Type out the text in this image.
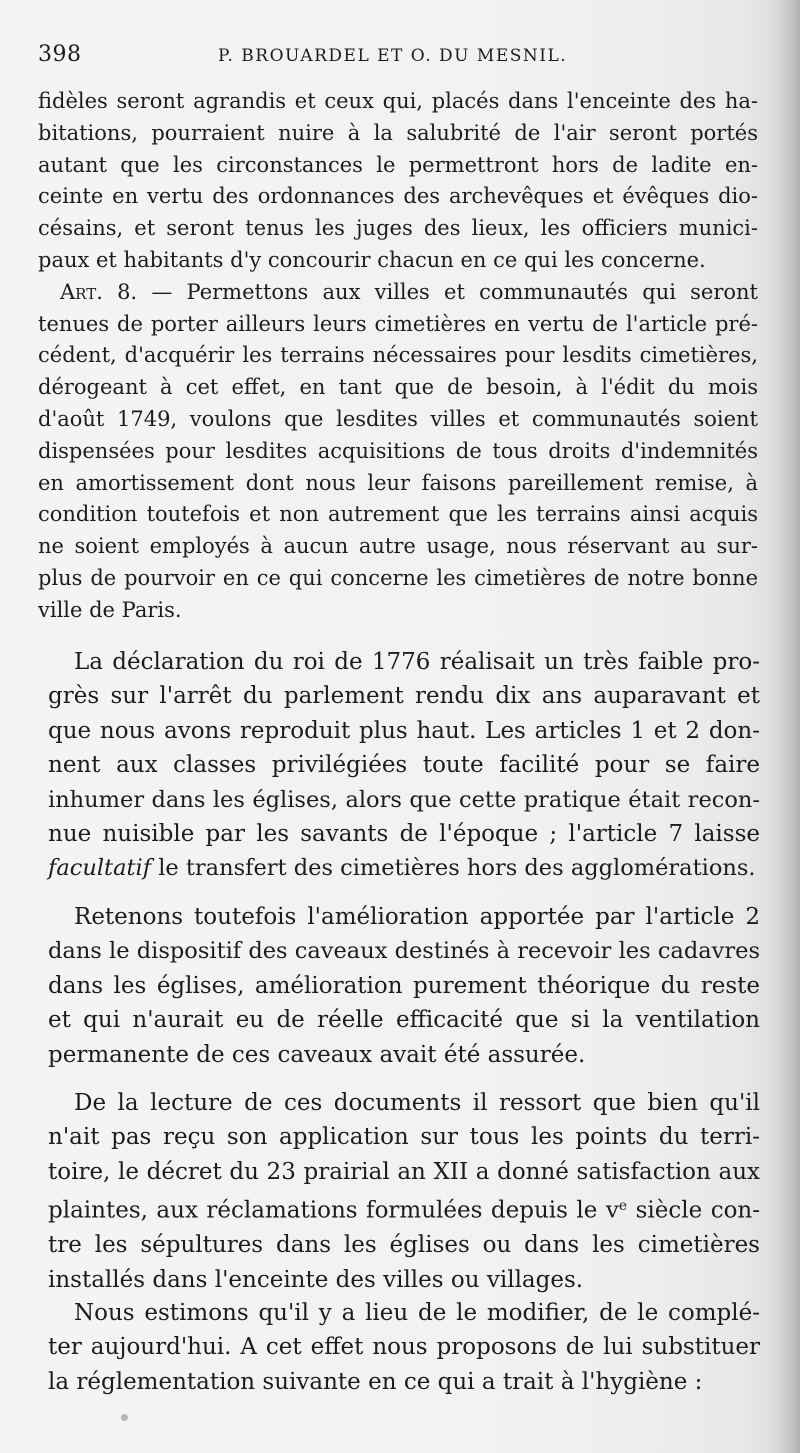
398	P. BROUARDEL ET O. DU MESNIL.
fidèles seront agrandis et ceux qui, placés dans l'enceinte des ha-
bitations, pourraient nuire à la salubrité de l'air seront portés
autant que les circonstances le permettront hors de ladite en-
ceinte en vertu des ordonnances des archevêques et évêques dio-
césains, et seront tenus les juges des lieux, les officiers munici-
paux et habitants d'y concourir chacun en ce qui les concerne.
Art. 8. — Permettons aux villes et communautés qui seront
tenues de porter ailleurs leurs cimetières en vertu de l'article pré-
cédent, d'acquérir les terrains nécessaires pour lesdits cimetières,
dérogeant à cet effet, en tant que de besoin, à l'édit du mois
d'août 1749, voulons que lesdites villes et communautés soient
dispensées pour lesdites acquisitions de tous droits d'indemnités
en amortissement dont nous leur faisons pareillement remise, à
condition toutefois et non autrement que les terrains ainsi acquis
ne soient employés à aucun autre usage, nous réservant au sur-
plus de pourvoir en ce qui concerne les cimetières de notre bonne
ville de Paris.
La déclaration du roi de 1776 réalisait un très faible pro-
grès sur l'arrêt du parlement rendu dix ans auparavant et
que nous avons reproduit plus haut. Les articles 1 et 2 don-
nent aux classes privilégiées toute facilité pour se faire
inhumer dans les églises, alors que cette pratique était recon-
nue nuisible par les savants de l'époque ; l'article 7 laisse
facultatif le transfert des cimetières hors des agglomérations.
Retenons toutefois l'amélioration apportée par l'article 2
dans le dispositif des caveaux destinés à recevoir les cadavres
dans les églises, amélioration purement théorique du reste
et qui n'aurait eu de réelle efficacité que si la ventilation
permanente de ces caveaux avait été assurée.
De la lecture de ces documents il ressort que bien qu'il
n'ait pas reçu son application sur tous les points du terri-
toire, le décret du 23 prairial an XII a donné satisfaction aux
plaintes, aux réclamations formulées depuis le $v^e$ siècle con-
tre les sépultures dans les églises ou dans les cimetières
installés dans l'enceinte des villes ou villages.
Nous estimons qu'il y a lieu de le modifier, de le complé-
ter aujourd'hui. A cet effet nous proposons de lui substituer
la réglementation suivante en ce qui a trait à l'hygiène :
